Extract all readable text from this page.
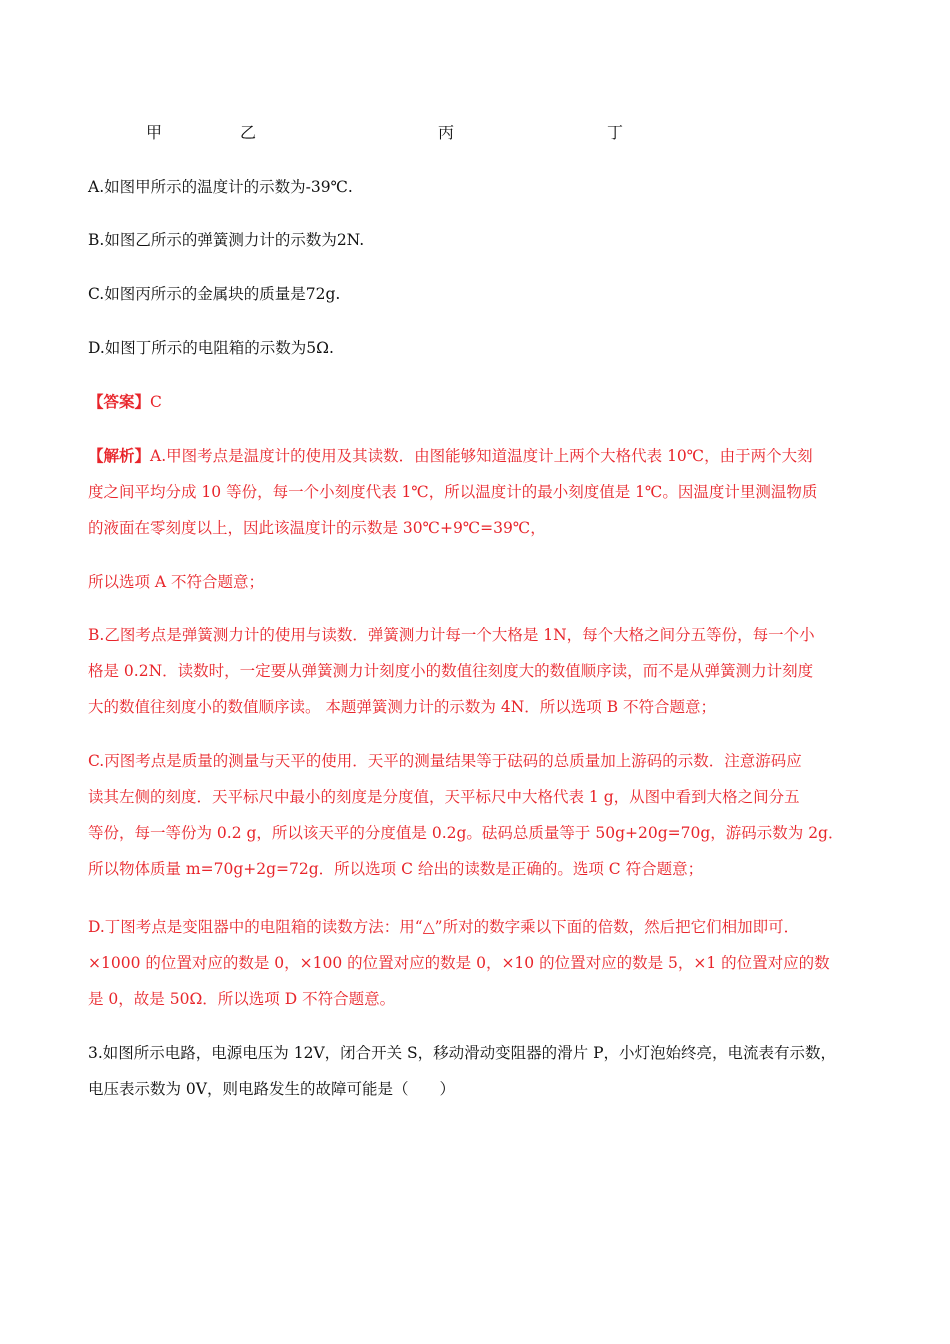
甲	乙	丙	丁
A.如图甲所示的温度计的示数为-39℃.
B.如图乙所示的弹簧测力计的示数为2N.
C.如图丙所示的金属块的质量是72g.
D.如图丁所示的电阻箱的示数为5Ω.
【答案】C
【解析】A.甲图考点是温度计的使用及其读数．由图能够知道温度计上两个大格代表 10℃，由于两个大刻
度之间平均分成 10 等份，每一个小刻度代表 1℃，所以温度计的最小刻度值是 1℃。因温度计里测温物质
的液面在零刻度以上，因此该温度计的示数是 30℃+9℃=39℃，
所以选项 A 不符合题意；
B.乙图考点是弹簧测力计的使用与读数．弹簧测力计每一个大格是 1N，每个大格之间分五等份，每一个小
格是 0.2N．读数时，一定要从弹簧测力计刻度小的数值往刻度大的数值顺序读，而不是从弹簧测力计刻度
大的数值往刻度小的数值顺序读。 本题弹簧测力计的示数为 4N．所以选项 B 不符合题意；
C.丙图考点是质量的测量与天平的使用．天平的测量结果等于砝码的总质量加上游码的示数．注意游码应
读其左侧的刻度．天平标尺中最小的刻度是分度值，天平标尺中大格代表 1 g，从图中看到大格之间分五
等份，每一等份为 0.2 g，所以该天平的分度值是 0.2g。砝码总质量等于 50g+20g=70g，游码示数为 2g．
所以物体质量 m=70g+2g=72g．所以选项 C 给出的读数是正确的。选项 C 符合题意；
D.丁图考点是变阻器中的电阻箱的读数方法：用“△”所对的数字乘以下面的倍数，然后把它们相加即可．
×1000 的位置对应的数是 0，×100 的位置对应的数是 0，×10 的位置对应的数是 5，×1 的位置对应的数
是 0，故是 50Ω．所以选项 D 不符合题意。
3.如图所示电路，电源电压为 12V，闭合开关 S，移动滑动变阻器的滑片 P，小灯泡始终亮，电流表有示数，
电压表示数为 0V，则电路发生的故障可能是（　　）
